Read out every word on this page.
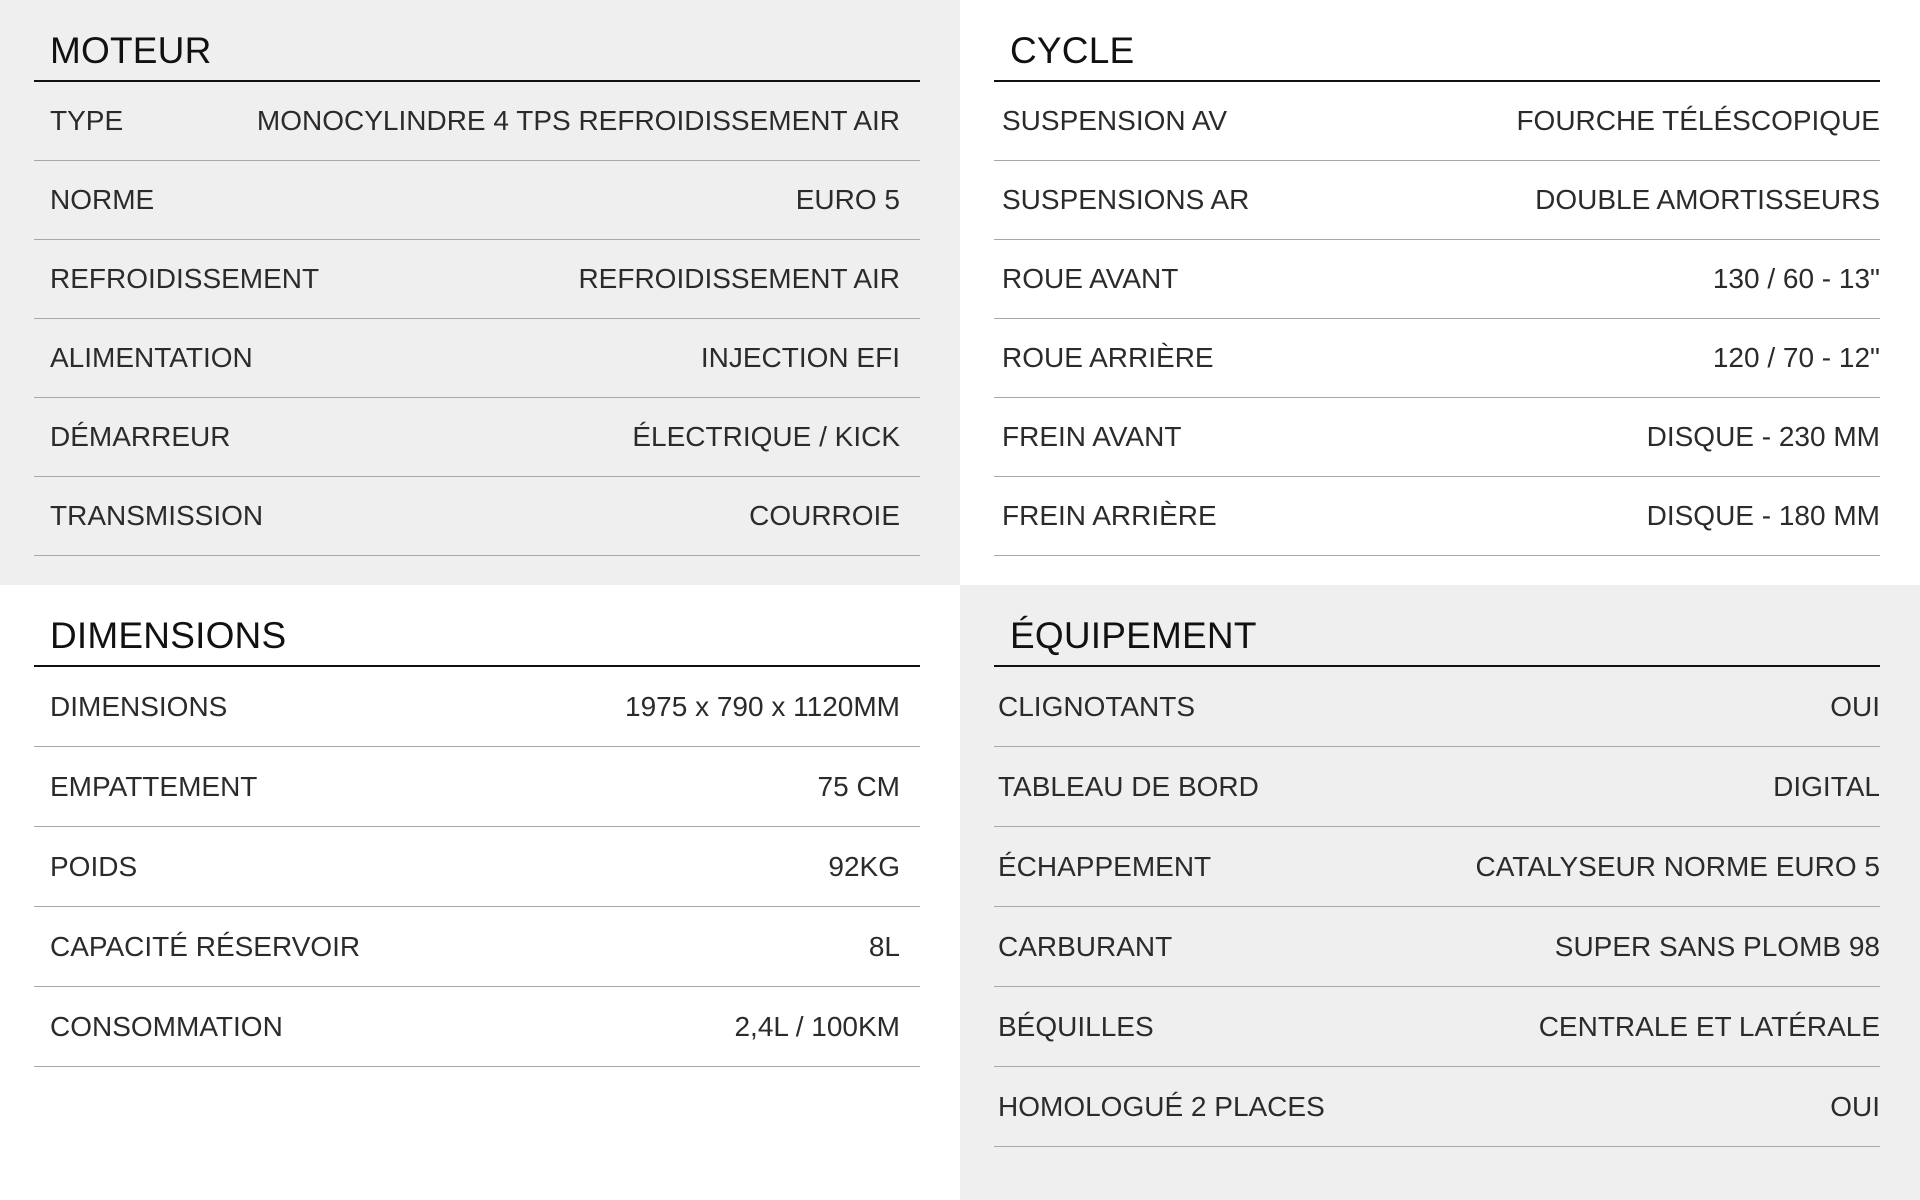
MOTEUR
TYPE	MONOCYLINDRE 4 TPS REFROIDISSEMENT AIR
NORME	EURO 5
REFROIDISSEMENT	REFROIDISSEMENT AIR
ALIMENTATION	INJECTION EFI
DÉMARREUR	ÉLECTRIQUE / KICK
TRANSMISSION	COURROIE
CYCLE
SUSPENSION AV	FOURCHE TÉLÉSCOPIQUE
SUSPENSIONS AR	DOUBLE AMORTISSEURS
ROUE AVANT	130 / 60 - 13"
ROUE ARRIÈRE	120 / 70 - 12"
FREIN AVANT	DISQUE - 230 MM
FREIN ARRIÈRE	DISQUE - 180 MM
DIMENSIONS
DIMENSIONS	1975 x 790 x 1120MM
EMPATTEMENT	75 CM
POIDS	92KG
CAPACITÉ RÉSERVOIR	8L
CONSOMMATION	2,4L / 100KM
ÉQUIPEMENT
CLIGNOTANTS	OUI
TABLEAU DE BORD	DIGITAL
ÉCHAPPEMENT	CATALYSEUR NORME EURO 5
CARBURANT	SUPER SANS PLOMB 98
BÉQUILLES	CENTRALE ET LATÉRALE
HOMOLOGUÉ 2 PLACES	OUI
